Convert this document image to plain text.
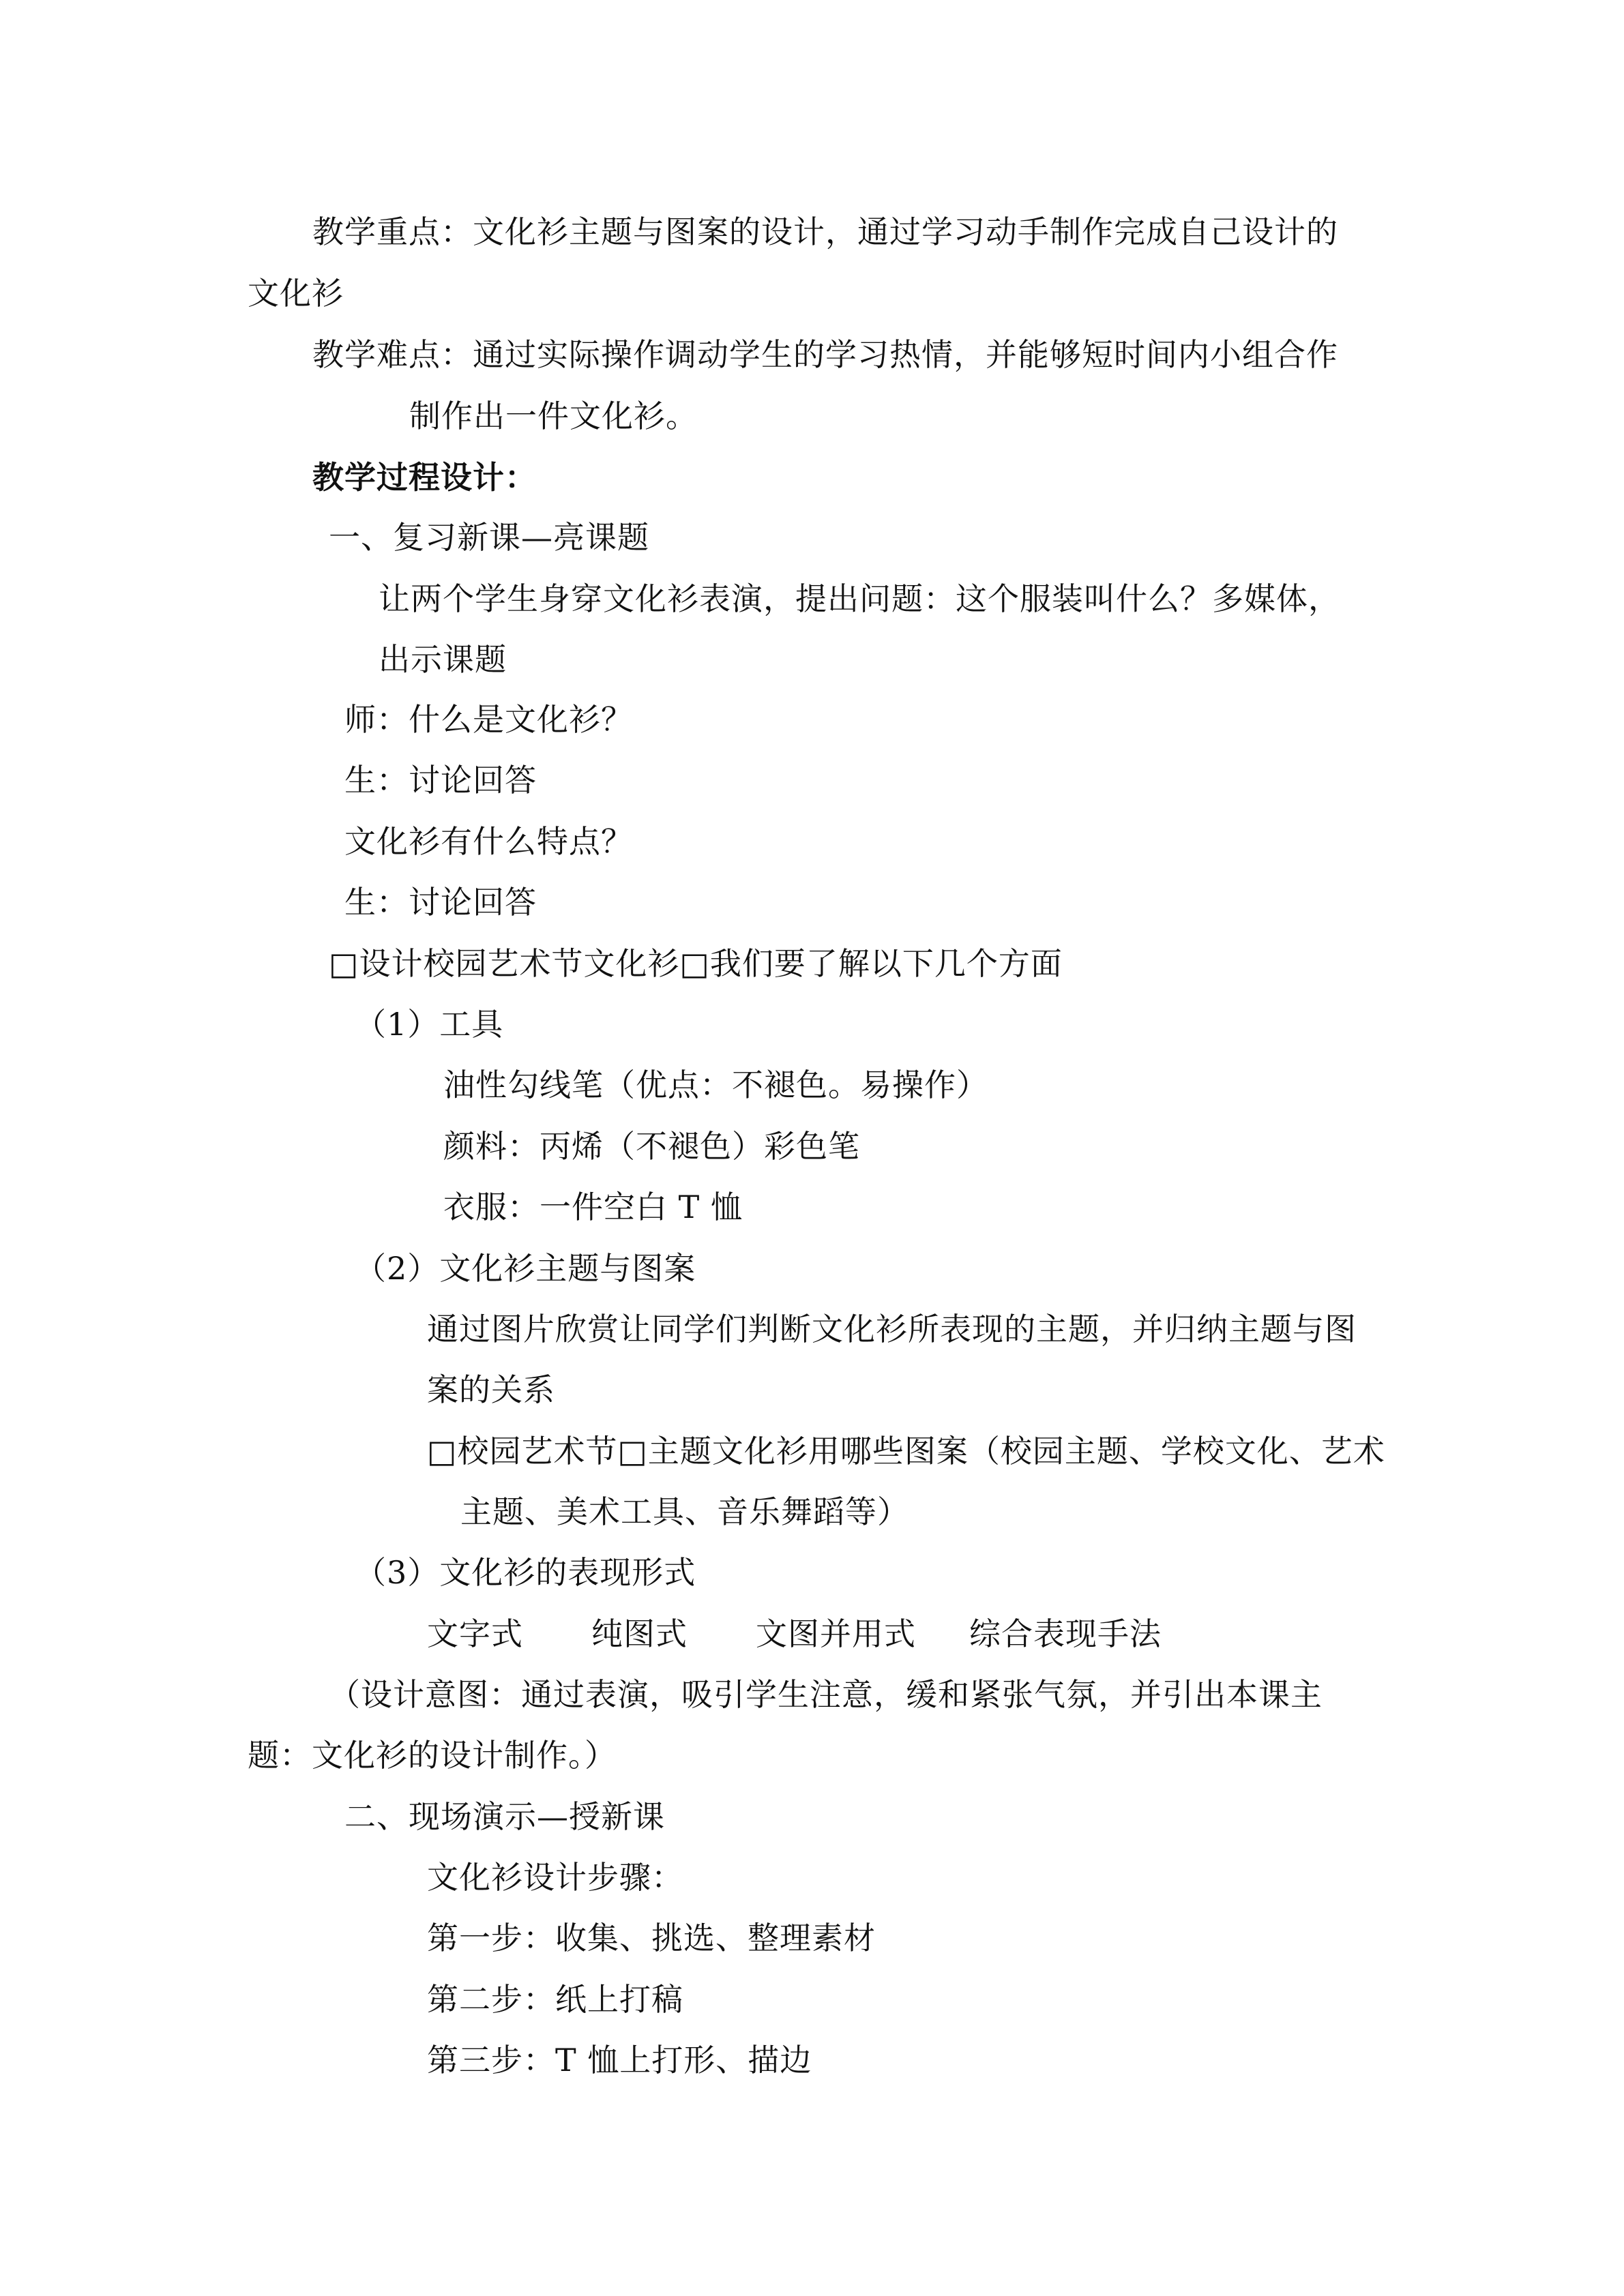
教学重点：文化衫主题与图案的设计，通过学习动手制作完成自己设计的
文化衫
教学难点：通过实际操作调动学生的学习热情，并能够短时间内小组合作
制作出一件文化衫。
教学过程设计：
一、复习新课—亮课题
让两个学生身穿文化衫表演，提出问题：这个服装叫什么？多媒体，
出示课题
师：什么是文化衫？
生：讨论回答
文化衫有什么特点？
生：讨论回答
□设计校园艺术节文化衫□我们要了解以下几个方面
（1）工具
油性勾线笔（优点：不褪色。易操作）
颜料：丙烯（不褪色）彩色笔
衣服：一件空白 T 恤
（2）文化衫主题与图案
通过图片欣赏让同学们判断文化衫所表现的主题，并归纳主题与图
案的关系
□校园艺术节□主题文化衫用哪些图案（校园主题、学校文化、艺术
主题、美术工具、音乐舞蹈等）
（3）文化衫的表现形式
文字式 纯图式 文图并用式 综合表现手法
（设计意图：通过表演，吸引学生注意，缓和紧张气氛，并引出本课主
题：文化衫的设计制作。）
二、现场演示—授新课
文化衫设计步骤：
第一步：收集、挑选、整理素材
第二步：纸上打稿
第三步：T 恤上打形、描边
